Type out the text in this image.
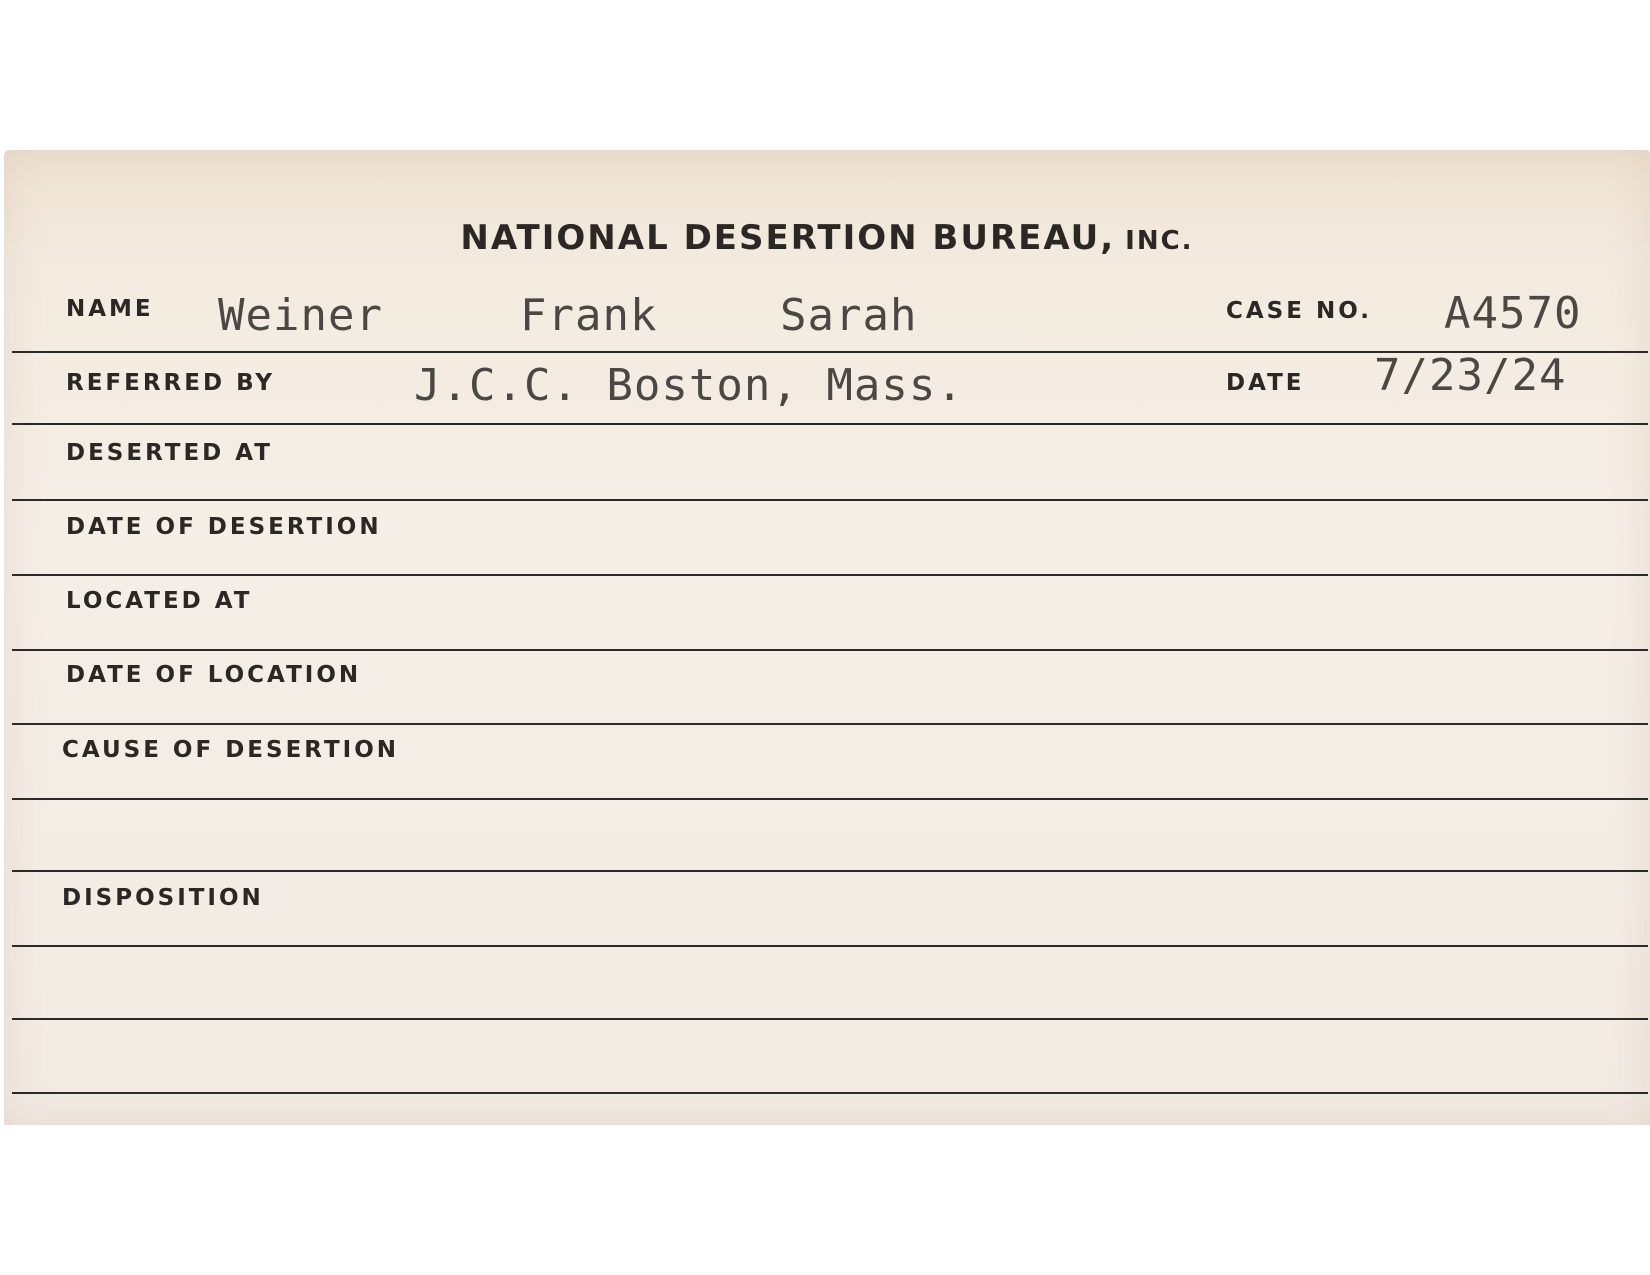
NATIONAL DESERTION BUREAU, INC.
NAME Weiner	Frank	Sarah	CASE NO. A4570
REFERRED BY	J.C.C. Boston, Mass.	DATE 7/23/24
DESERTED AT
DATE OF DESERTION
LOCATED AT
DATE OF LOCATION
CAUSE OF DESERTION
DISPOSITION
